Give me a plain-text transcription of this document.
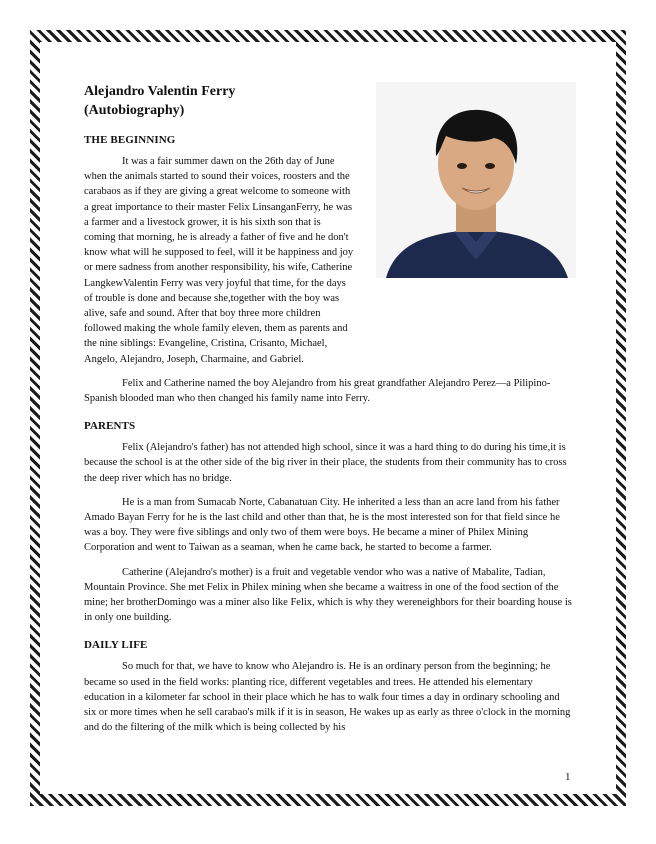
Alejandro Valentin Ferry

(Autobiography)

THE BEGINNING

It was a fair summer dawn on the 26th day of June when the animals started to sound their voices, roosters and the carabaos as if they are giving a great welcome to someone with a great importance to their master Felix LinsanganFerry, he was a farmer and a livestock grower, it is his sixth son that is coming that morning, he is already a father of five and he don't know what will he supposed to feel, will it be happiness and joy or mere sadness from another responsibility, his wife, Catherine LangkewValentin Ferry was very joyful that time, for the days of trouble is done and because she,together with the boy was alive, safe and sound. After that boy three more children followed making the whole family eleven, them as parents and the nine siblings: Evangeline, Cristina, Crisanto, Michael, Angelo, Alejandro, Joseph, Charmaine, and Gabriel.

Felix and Catherine named the boy Alejandro from his great grandfather Alejandro Perez—a Pilipino-Spanish blooded man who then changed his family name into Ferry.

PARENTS

Felix (Alejandro's father) has not attended high school, since it was a hard thing to do during his time,it is because the school is at the other side of the big river in their place, the students from their community has to cross the deep river which has no bridge.

He is a man from Sumacab Norte, Cabanatuan City. He inherited a less than an acre land from his father Amado Bayan Ferry for he is the last child and other than that, he is the most interested son for that field since he was a boy. They were five siblings and only two of them were boys. He became a miner of Philex Mining Corporation and went to Taiwan as a seaman, when he came back, he started to become a farmer.

Catherine (Alejandro's mother) is a fruit and vegetable vendor who was a native of Mabalite, Tadian, Mountain Province. She met Felix in Philex mining when she became a waitress in one of the food section of the mine; her brotherDomingo was a miner also like Felix, which is why they wereneighbors for their boarding house is in only one building.

DAILY LIFE

So much for that, we have to know who Alejandro is. He is an ordinary person from the beginning; he became so used in the field works: planting rice, different vegetables and trees. He attended his elementary education in a kilometer far school in their place which he has to walk four times a day in ordinary schooling and six or more times when he sell carabao's milk if it is in season, He wakes up as early as three o'clock in the morning and do the filtering of the milk which is being collected by his

1
